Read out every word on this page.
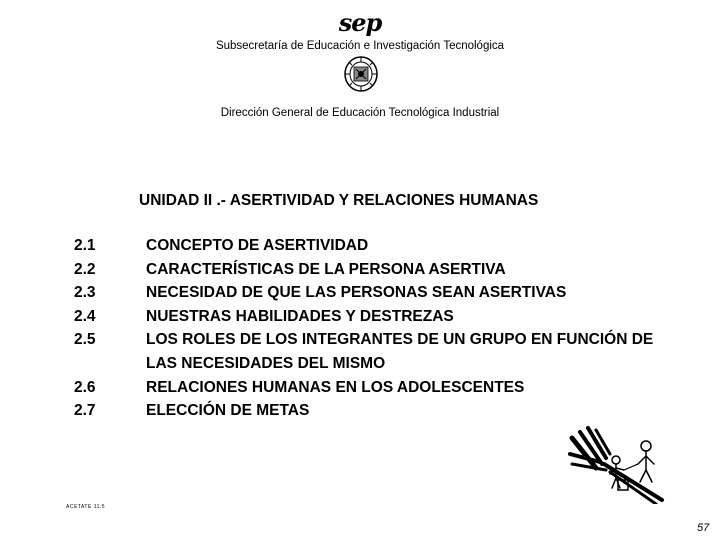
sep
Subsecretaría de Educación e Investigación Tecnológica
Dirección General de Educación Tecnológica Industrial
UNIDAD II .- ASERTIVIDAD Y RELACIONES HUMANAS
2.1	CONCEPTO DE ASERTIVIDAD
2.2	CARACTERÍSTICAS DE LA PERSONA ASERTIVA
2.3	NECESIDAD DE QUE LAS PERSONAS SEAN ASERTIVAS
2.4	NUESTRAS HABILIDADES Y DESTREZAS
2.5	LOS ROLES DE LOS INTEGRANTES DE UN GRUPO EN FUNCIÓN DE LAS NECESIDADES DEL MISMO
2.6	RELACIONES HUMANAS EN LOS ADOLESCENTES
2.7	ELECCIÓN DE METAS
ACETATE 11.5
57
